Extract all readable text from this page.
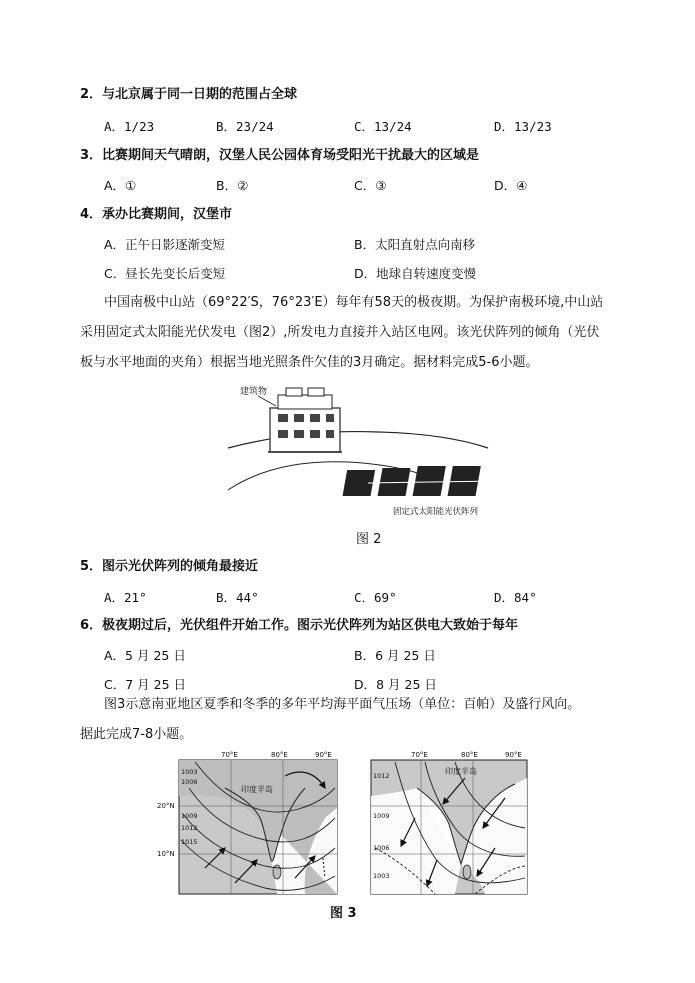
2．与北京属于同一日期的范围占全球
A．1/23	B．23/24	C．13/24	D．13/23
3．比赛期间天气晴朗，汉堡人民公园体育场受阳光干扰最大的区域是
A．①	B．②	C．③	D．④
4．承办比赛期间，汉堡市
A．正午日影逐渐变短	B．太阳直射点向南移
C．昼长先变长后变短	D．地球自转速度变慢
中国南极中山站（69°22′S，76°23′E）每年有58天的极夜期。为保护南极环境,中山站
采用固定式太阳能光伏发电（图2）,所发电力直接并入站区电网。该光伏阵列的倾角（光伏
板与水平地面的夹角）根据当地光照条件欠佳的3月确定。据材料完成5-6小题。
建筑物
固定式太阳能光伏阵列
图 2
5．图示光伏阵列的倾角最接近
A．21°	B．44°	C．69°	D．84°
6．极夜期过后，光伏组件开始工作。图示光伏阵列为站区供电大致始于每年
A．5 月 25 日	B．6 月 25 日
C．7 月 25 日	D．8 月 25 日
图3示意南亚地区夏季和冬季的多年平均海平面气压场（单位：百帕）及盛行风向。
据此完成7-8小题。
70°E	80°E	90°E
20°N
10°N
1003
1006
1009
1012
1015
印度半岛
70°E	80°E	90°E
1012
1009
1006
1003
印度半岛
图 3
